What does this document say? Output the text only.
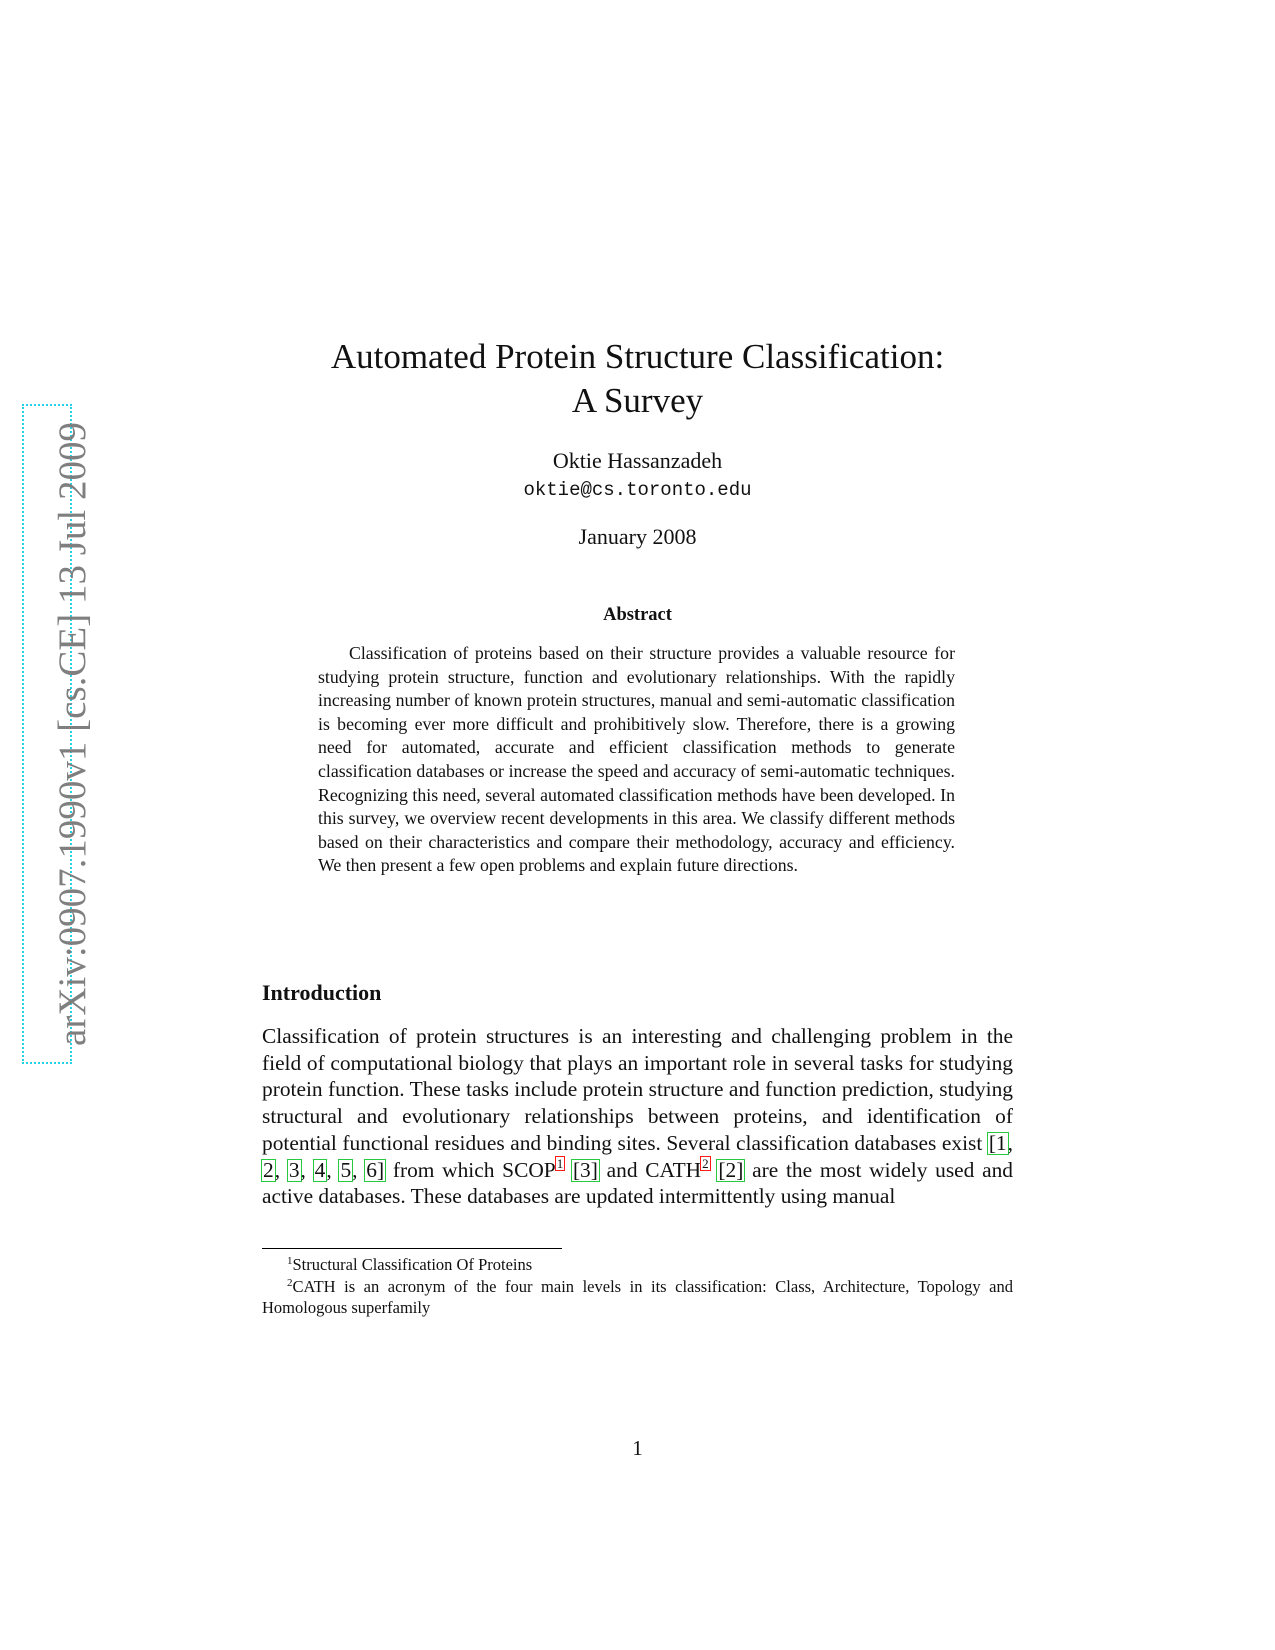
arXiv:0907.1990v1 [cs.CE] 13 Jul 2009
Automated Protein Structure Classification:
A Survey
Oktie Hassanzadeh
oktie@cs.toronto.edu
January 2008
Abstract

Classification of proteins based on their structure provides a valuable resource for studying protein structure, function and evolutionary relationships. With the rapidly increasing number of known protein structures, manual and semi-automatic classification is becoming ever more difficult and prohibitively slow. Therefore, there is a growing need for automated, accurate and efficient classification methods to generate classification databases or increase the speed and accuracy of semi-automatic techniques. Recognizing this need, several automated classification methods have been developed. In this survey, we overview recent developments in this area. We classify different methods based on their characteristics and compare their methodology, accuracy and efficiency. We then present a few open problems and explain future directions.

Introduction

Classification of protein structures is an interesting and challenging problem in the field of computational biology that plays an important role in several tasks for studying protein function. These tasks include protein structure and function prediction, studying structural and evolutionary relationships between proteins, and identification of potential functional residues and binding sites. Several classification databases exist [1, 2, 3, 4, 5, 6] from which SCOP1 [3] and CATH2 [2] are the most widely used and active databases. These databases are updated intermittently using manual

$^1$Structural Classification Of Proteins

$^2$CATH is an acronym of the four main levels in its classification: Class, Architecture, Topology and Homologous superfamily

1
